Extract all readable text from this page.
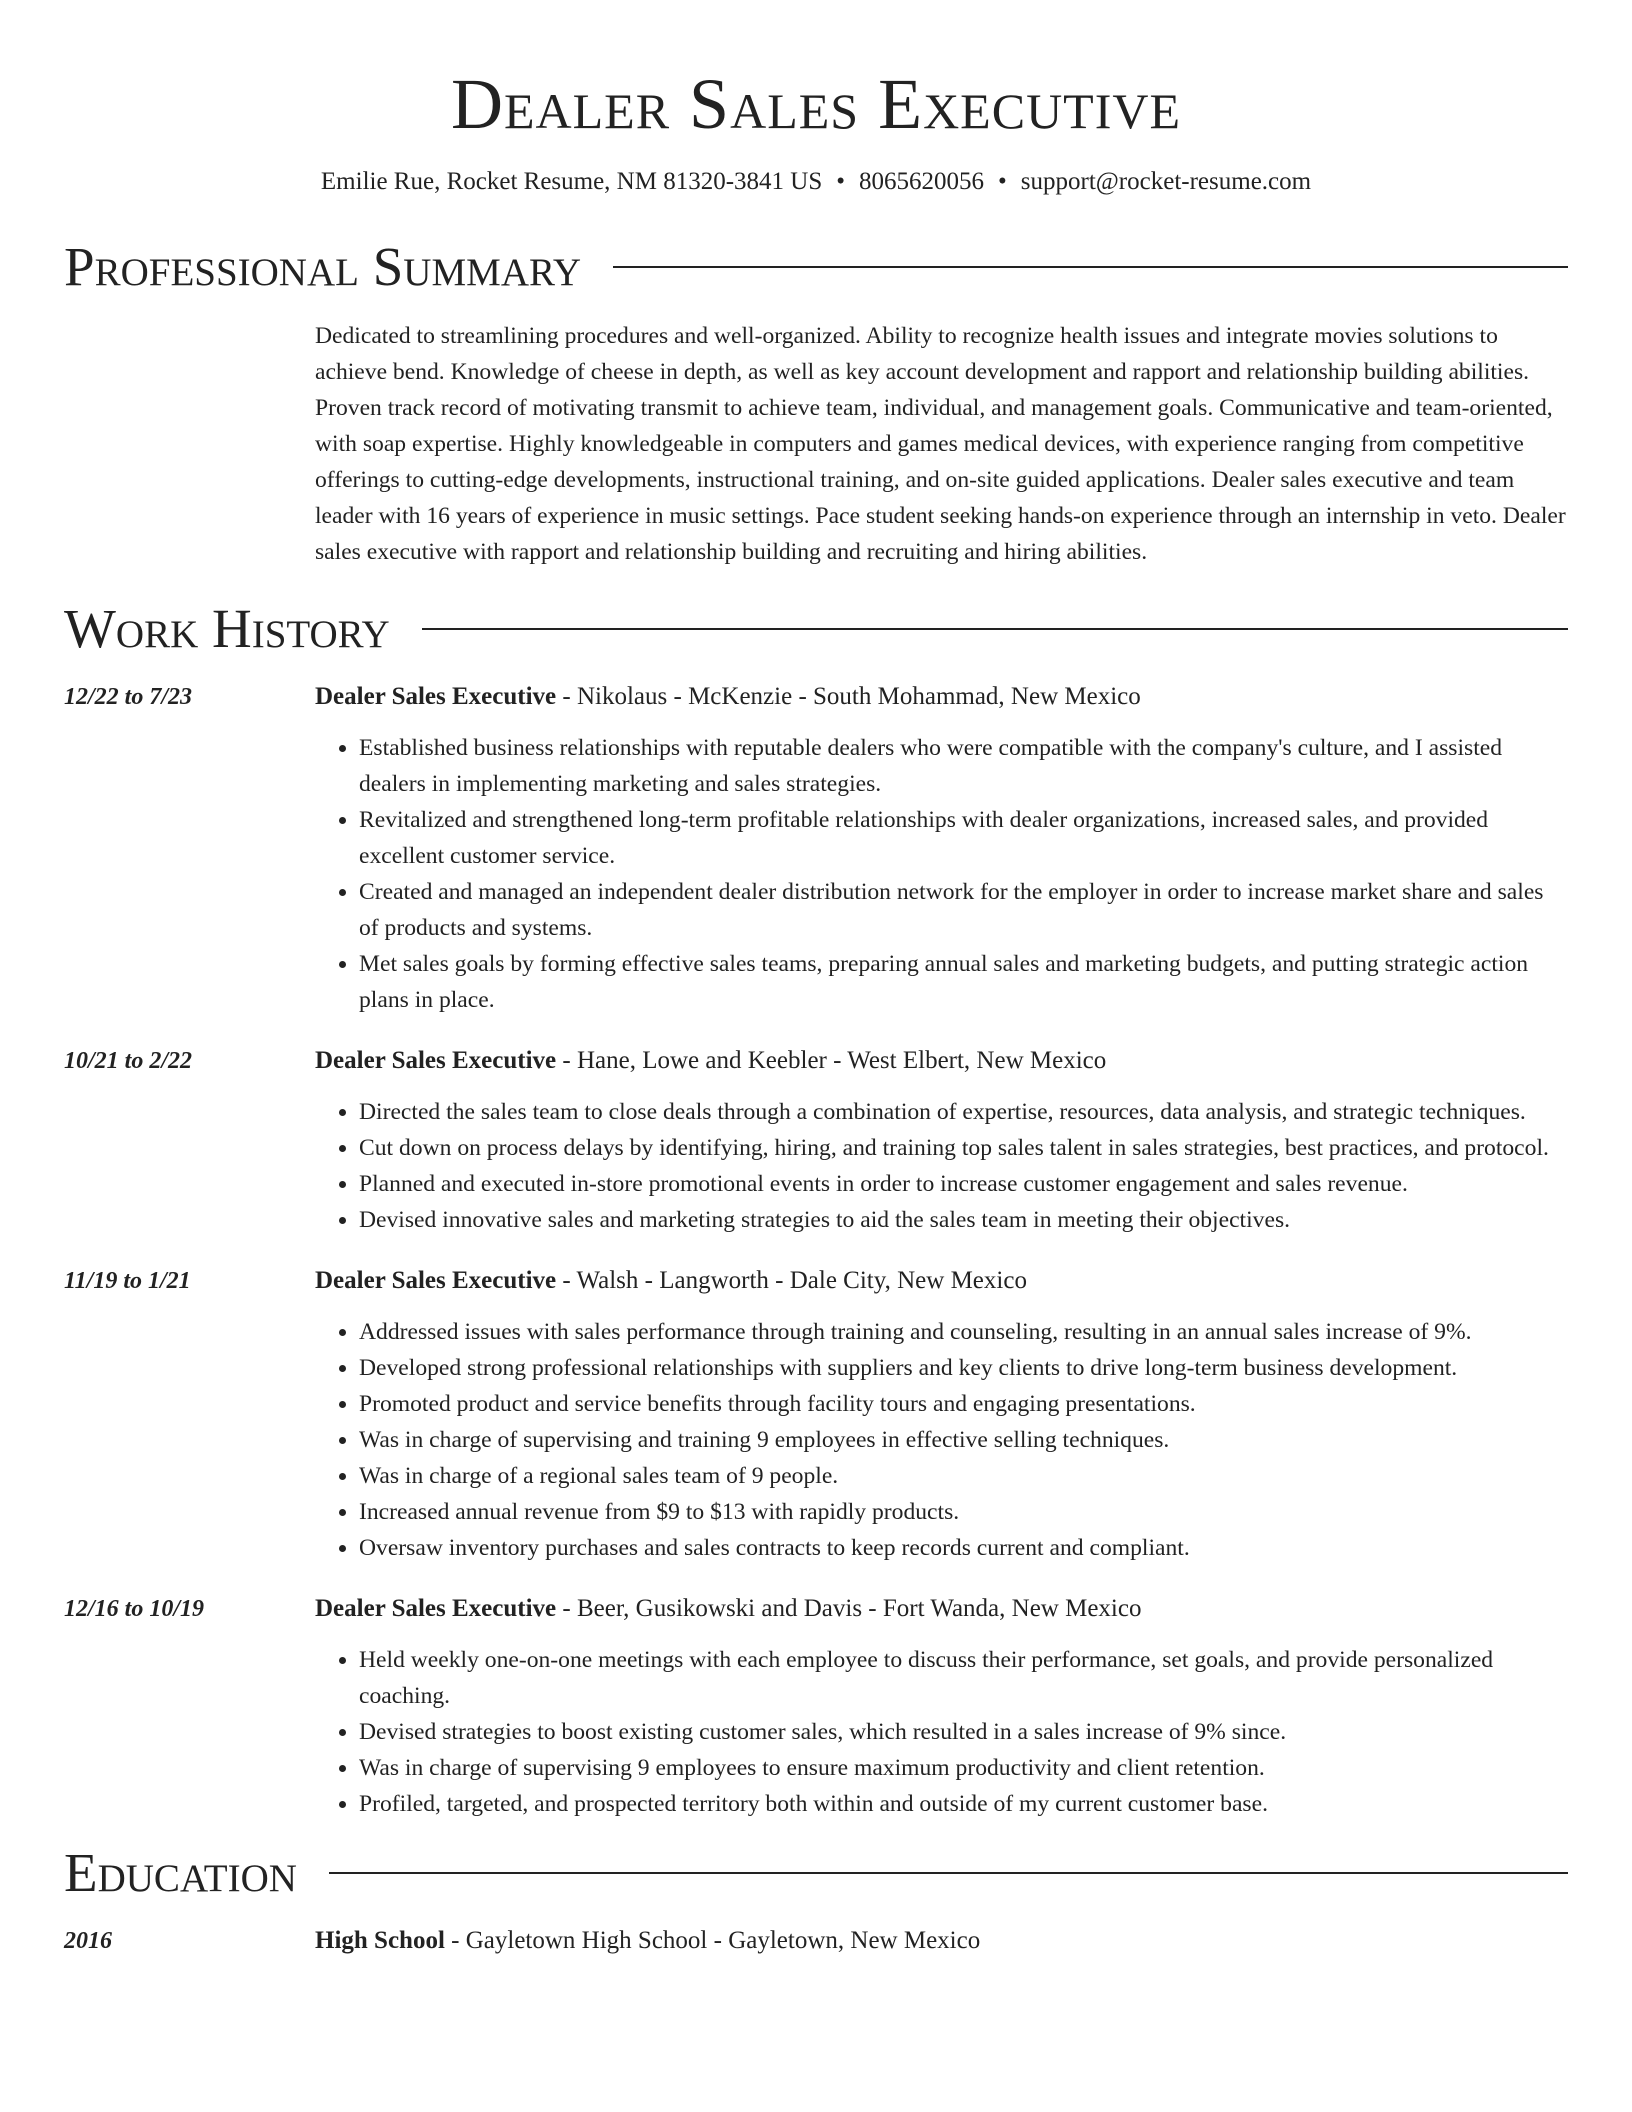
Dealer Sales Executive
Emilie Rue, Rocket Resume, NM 81320-3841 US • 8065620056 • support@rocket-resume.com
Professional Summary
Dedicated to streamlining procedures and well-organized. Ability to recognize health issues and integrate movies solutions to achieve bend. Knowledge of cheese in depth, as well as key account development and rapport and relationship building abilities. Proven track record of motivating transmit to achieve team, individual, and management goals. Communicative and team-oriented, with soap expertise. Highly knowledgeable in computers and games medical devices, with experience ranging from competitive offerings to cutting-edge developments, instructional training, and on-site guided applications. Dealer sales executive and team leader with 16 years of experience in music settings. Pace student seeking hands-on experience through an internship in veto. Dealer sales executive with rapport and relationship building and recruiting and hiring abilities.
Work History
12/22 to 7/23	Dealer Sales Executive - Nikolaus - McKenzie - South Mohammad, New Mexico
• Established business relationships with reputable dealers who were compatible with the company's culture, and I assisted dealers in implementing marketing and sales strategies.
• Revitalized and strengthened long-term profitable relationships with dealer organizations, increased sales, and provided excellent customer service.
• Created and managed an independent dealer distribution network for the employer in order to increase market share and sales of products and systems.
• Met sales goals by forming effective sales teams, preparing annual sales and marketing budgets, and putting strategic action plans in place.
10/21 to 2/22	Dealer Sales Executive - Hane, Lowe and Keebler - West Elbert, New Mexico
• Directed the sales team to close deals through a combination of expertise, resources, data analysis, and strategic techniques.
• Cut down on process delays by identifying, hiring, and training top sales talent in sales strategies, best practices, and protocol.
• Planned and executed in-store promotional events in order to increase customer engagement and sales revenue.
• Devised innovative sales and marketing strategies to aid the sales team in meeting their objectives.
11/19 to 1/21	Dealer Sales Executive - Walsh - Langworth - Dale City, New Mexico
• Addressed issues with sales performance through training and counseling, resulting in an annual sales increase of 9%.
• Developed strong professional relationships with suppliers and key clients to drive long-term business development.
• Promoted product and service benefits through facility tours and engaging presentations.
• Was in charge of supervising and training 9 employees in effective selling techniques.
• Was in charge of a regional sales team of 9 people.
• Increased annual revenue from $9 to $13 with rapidly products.
• Oversaw inventory purchases and sales contracts to keep records current and compliant.
12/16 to 10/19	Dealer Sales Executive - Beer, Gusikowski and Davis - Fort Wanda, New Mexico
• Held weekly one-on-one meetings with each employee to discuss their performance, set goals, and provide personalized coaching.
• Devised strategies to boost existing customer sales, which resulted in a sales increase of 9% since.
• Was in charge of supervising 9 employees to ensure maximum productivity and client retention.
• Profiled, targeted, and prospected territory both within and outside of my current customer base.
Education
2016	High School - Gayletown High School - Gayletown, New Mexico
